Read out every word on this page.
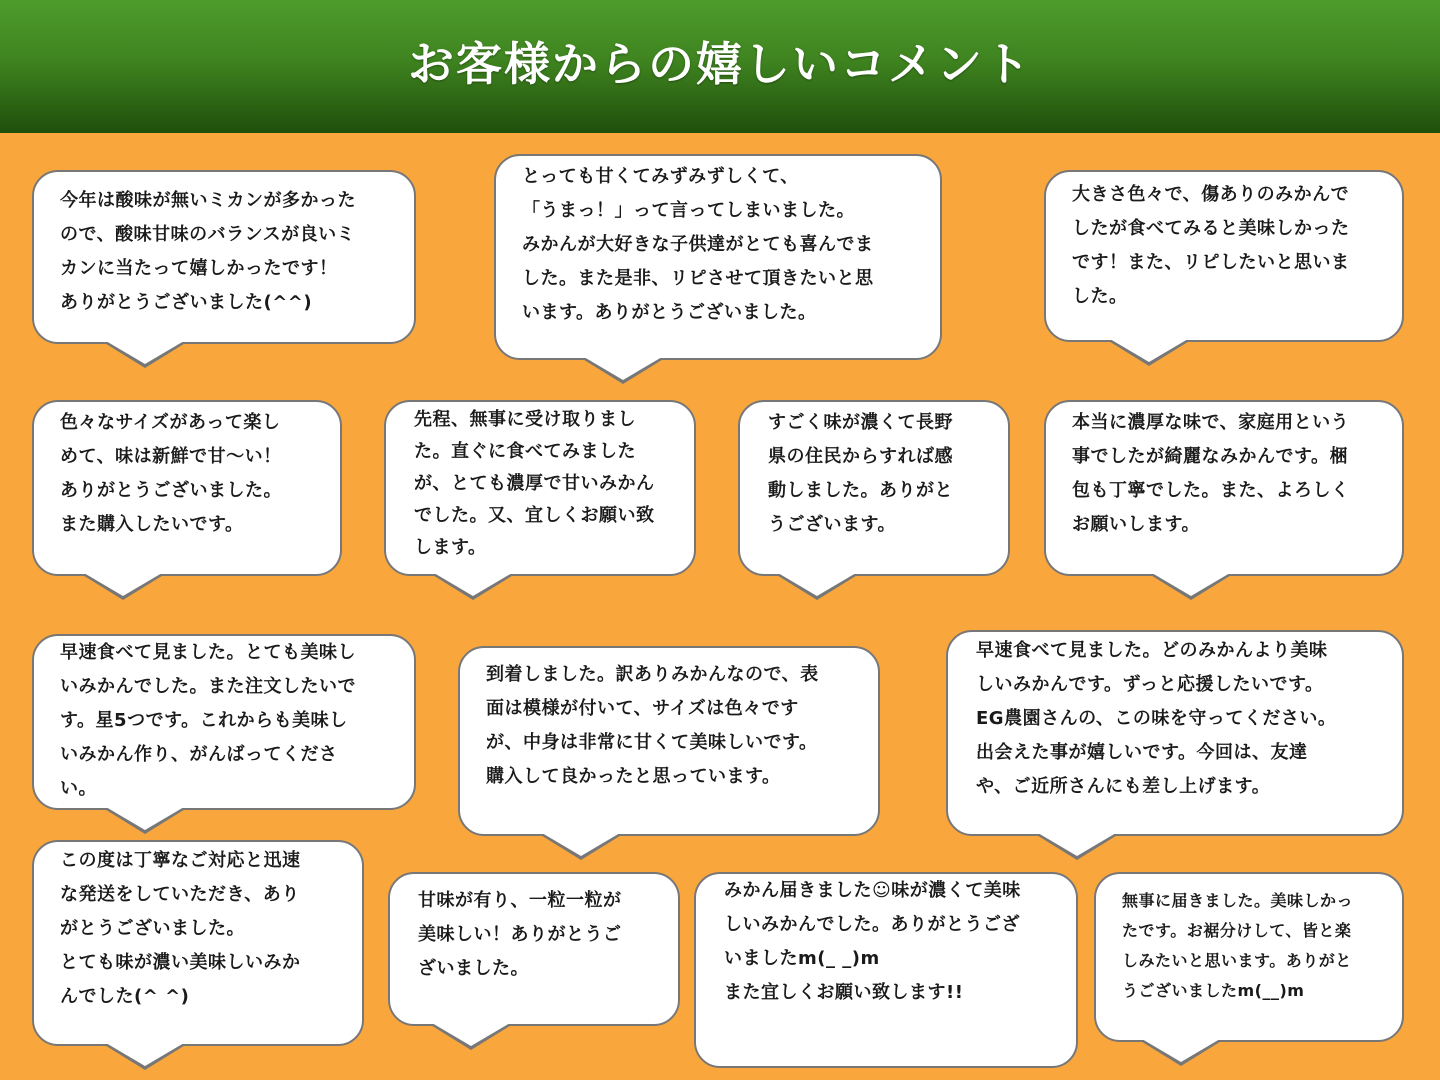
お客様からの嬉しいコメント
今年は酸味が無いミカンが多かった
ので、酸味甘味のバランスが良いミ
カンに当たって嬉しかったです！
ありがとうございました(^^)
とっても甘くてみずみずしくて、
「うまっ！」って言ってしまいました。
みかんが大好きな子供達がとても喜んでま
した。また是非、リピさせて頂きたいと思
います。ありがとうございました。
大きさ色々で、傷ありのみかんで
したが食べてみると美味しかった
です！また、リピしたいと思いま
した。
色々なサイズがあって楽し
めて、味は新鮮で甘〜い！
ありがとうございました。
また購入したいです。
先程、無事に受け取りまし
た。直ぐに食べてみました
が、とても濃厚で甘いみかん
でした。又、宜しくお願い致
します。
すごく味が濃くて長野
県の住民からすれば感
動しました。ありがと
うございます。
本当に濃厚な味で、家庭用という
事でしたが綺麗なみかんです。梱
包も丁寧でした。また、よろしく
お願いします。
早速食べて見ました。とても美味し
いみかんでした。また注文したいで
す。星5つです。これからも美味し
いみかん作り、がんばってくださ
い。
到着しました。訳ありみかんなので、表
面は模様が付いて、サイズは色々です
が、中身は非常に甘くて美味しいです。
購入して良かったと思っています。
早速食べて見ました。どのみかんより美味
しいみかんです。ずっと応援したいです。
EG農園さんの、この味を守ってください。
出会えた事が嬉しいです。今回は、友達
や、ご近所さんにも差し上げます。
この度は丁寧なご対応と迅速
な発送をしていただき、あり
がとうございました。
とても味が濃い美味しいみか
んでした(^ ^)
甘味が有り、一粒一粒が
美味しい！ありがとうご
ざいました。
みかん届きました☺味が濃くて美味
しいみかんでした。ありがとうござ
いましたm(_ _)m
また宜しくお願い致します!!
無事に届きました。美味しかっ
たです。お裾分けして、皆と楽
しみたいと思います。ありがと
うございましたm(__)m
